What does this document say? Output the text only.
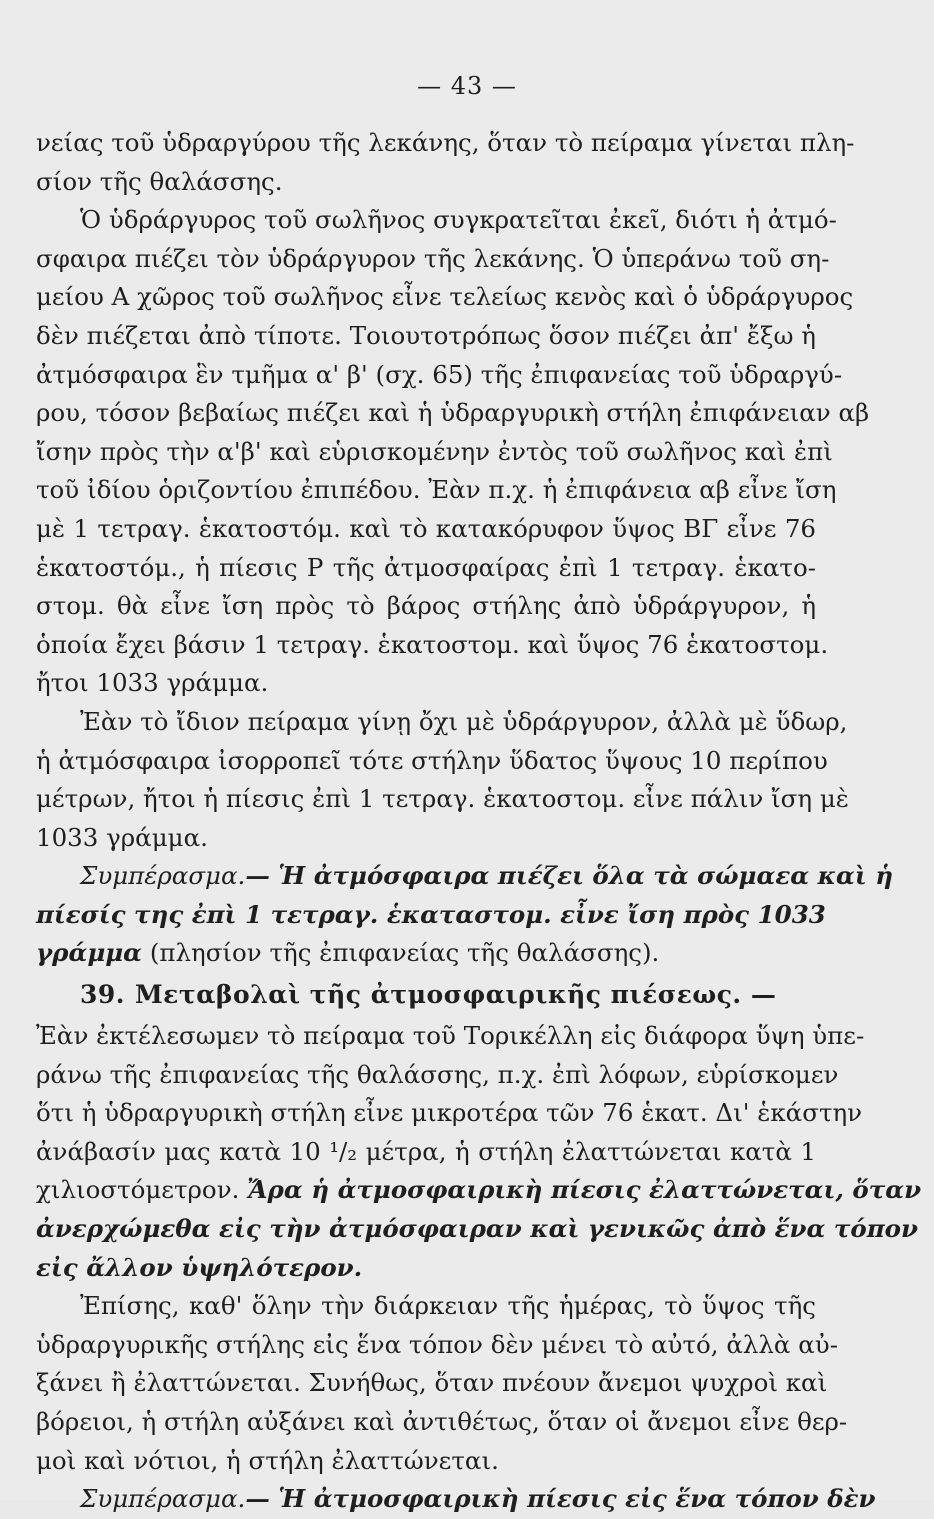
— 43 —
νείας τοῦ ὑδραργύρου τῆς λεκάνης, ὅταν τὸ πείραμα γίνεται πλη-
σίον τῆς θαλάσσης.
Ὁ ὑδράργυρος τοῦ σωλῆνος συγκρατεῖται ἐκεῖ, διότι ἡ ἀτμό-
σφαιρα πιέζει τὸν ὑδράργυρον τῆς λεκάνης. Ὁ ὑπεράνω τοῦ ση-
μείου Α χῶρος τοῦ σωλῆνος εἶνε τελείως κενὸς καὶ ὁ ὑδράργυρος
δὲν πιέζεται ἀπὸ τίποτε. Τοιουτοτρόπως ὅσον πιέζει ἀπ' ἔξω ἡ
ἀτμόσφαιρα ἓν τμῆμα α' β' (σχ. 65) τῆς ἐπιφανείας τοῦ ὑδραργύ-
ρου, τόσον βεβαίως πιέζει καὶ ἡ ὑδραργυρικὴ στήλη ἐπιφάνειαν αβ
ἴσην πρὸς τὴν α'β' καὶ εὑρισκομένην ἐντὸς τοῦ σωλῆνος καὶ ἐπὶ
τοῦ ἰδίου ὁριζοντίου ἐπιπέδου. Ἐὰν π.χ. ἡ ἐπιφάνεια αβ εἶνε ἴση
μὲ 1 τετραγ. ἑκατοστόμ. καὶ τὸ κατακόρυφον ὕψος ΒΓ εἶνε 76
ἑκατοστόμ., ἡ πίεσις Ρ τῆς ἀτμοσφαίρας ἐπὶ 1 τετραγ. ἑκατο-
στομ. θὰ εἶνε ἴση πρὸς τὸ βάρος στήλης ἀπὸ ὑδράργυρον, ἡ
ὁποία ἔχει βάσιν 1 τετραγ. ἑκατοστομ. καὶ ὕψος 76 ἑκατοστομ.
ἤτοι 1033 γράμμα.
Ἐὰν τὸ ἴδιον πείραμα γίνῃ ὄχι μὲ ὑδράργυρον, ἀλλὰ μὲ ὕδωρ,
ἡ ἀτμόσφαιρα ἰσορροπεῖ τότε στήλην ὕδατος ὕψους 10 περίπου
μέτρων, ἤτοι ἡ πίεσις ἐπὶ 1 τετραγ. ἑκατοστομ. εἶνε πάλιν ἴση μὲ
1033 γράμμα.
Συμπέρασμα.— Ἡ ἀτμόσφαιρα πιέζει ὅλα τὰ σώμαεα καὶ ἡ
πίεσίς της ἐπὶ 1 τετραγ. ἑκαταστομ. εἶνε ἴση πρὸς 1033
γράμμα (πλησίον τῆς ἐπιφανείας τῆς θαλάσσης).
39. Μεταβολαὶ τῆς ἀτμοσφαιρικῆς πιέσεως. —
Ἐὰν ἐκτέλεσωμεν τὸ πείραμα τοῦ Τορικέλλη εἰς διάφορα ὕψη ὑπε-
ράνω τῆς ἐπιφανείας τῆς θαλάσσης, π.χ. ἐπὶ λόφων, εὑρίσκομεν
ὅτι ἡ ὑδραργυρικὴ στήλη εἶνε μικροτέρα τῶν 76 ἑκατ. Δι' ἑκάστην
ἀνάβασίν μας κατὰ 10 ¹/₂ μέτρα, ἡ στήλη ἐλαττώνεται κατὰ 1
χιλιοστόμετρον. Ἄρα ἡ ἀτμοσφαιρικὴ πίεσις ἐλαττώνεται, ὅταν
ἀνερχώμεθα εἰς τὴν ἀτμόσφαιραν καὶ γενικῶς ἀπὸ ἕνα τόπον
εἰς ἄλλον ὑψηλότερον.
Ἐπίσης, καθ' ὅλην τὴν διάρκειαν τῆς ἡμέρας, τὸ ὕψος τῆς
ὑδραργυρικῆς στήλης εἰς ἕνα τόπον δὲν μένει τὸ αὐτό, ἀλλὰ αὐ-
ξάνει ἢ ἐλαττώνεται. Συνήθως, ὅταν πνέουν ἄνεμοι ψυχροὶ καὶ
βόρειοι, ἡ στήλη αὐξάνει καὶ ἀντιθέτως, ὅταν οἱ ἄνεμοι εἶνε θερ-
μοὶ καὶ νότιοι, ἡ στήλη ἐλαττώνεται.
Συμπέρασμα.— Ἡ ἀτμοσφαιρικὴ πίεσις εἰς ἕνα τόπον δὲν
